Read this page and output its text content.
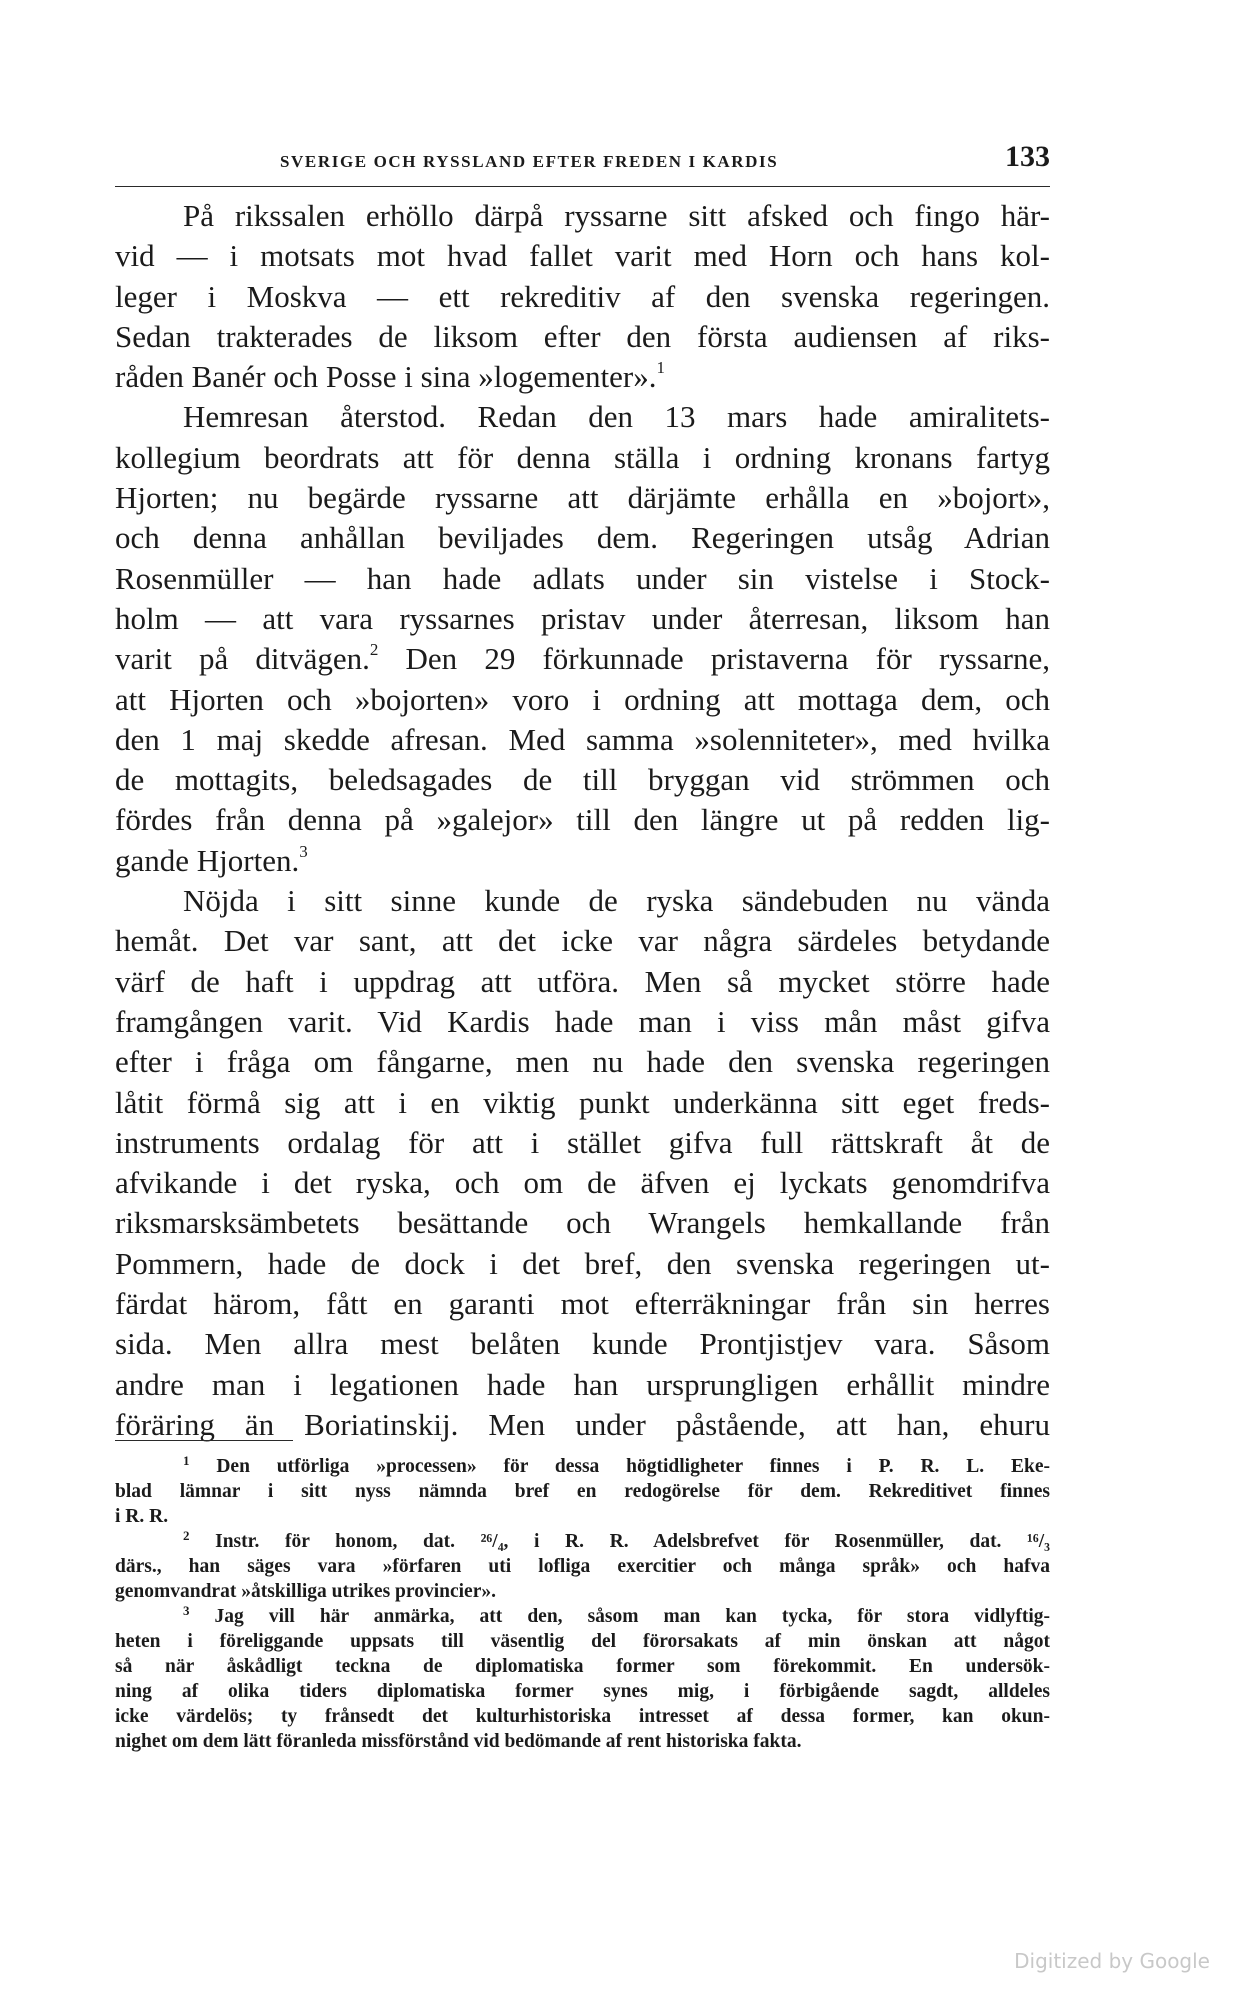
SVERIGE OCH RYSSLAND EFTER FREDEN I KARDIS	133
På rikssalen erhöllo därpå ryssarne sitt afsked och fingo här-
vid — i motsats mot hvad fallet varit med Horn och hans kol-
leger i Moskva — ett rekreditiv af den svenska regeringen.
Sedan trakterades de liksom efter den första audiensen af riks-
råden Banér och Posse i sina »logementer».$^1$
Hemresan återstod. Redan den 13 mars hade amiralitets-
kollegium beordrats att för denna ställa i ordning kronans fartyg
Hjorten; nu begärde ryssarne att därjämte erhålla en »bojort»,
och denna anhållan beviljades dem. Regeringen utsåg Adrian
Rosenmüller — han hade adlats under sin vistelse i Stock-
holm — att vara ryssarnes pristav under återresan, liksom han
varit på ditvägen.$^2$ Den 29 förkunnade pristaverna för ryssarne,
att Hjorten och »bojorten» voro i ordning att mottaga dem, och
den 1 maj skedde afresan. Med samma »solenniteter», med hvilka
de mottagits, beledsagades de till bryggan vid strömmen och
fördes från denna på »galejor» till den längre ut på redden lig-
gande Hjorten.$^3$
Nöjda i sitt sinne kunde de ryska sändebuden nu vända
hemåt. Det var sant, att det icke var några särdeles betydande
värf de haft i uppdrag att utföra. Men så mycket större hade
framgången varit. Vid Kardis hade man i viss mån måst gifva
efter i fråga om fångarne, men nu hade den svenska regeringen
låtit förmå sig att i en viktig punkt underkänna sitt eget freds-
instruments ordalag för att i stället gifva full rättskraft åt de
afvikande i det ryska, och om de äfven ej lyckats genomdrifva
riksmarsksämbetets besättande och Wrangels hemkallande från
Pommern, hade de dock i det bref, den svenska regeringen ut-
färdat härom, fått en garanti mot efterräkningar från sin herres
sida. Men allra mest belåten kunde Prontjistjev vara. Såsom
andre man i legationen hade han ursprungligen erhållit mindre
föräring än Boriatinskij. Men under påstående, att han, ehuru
$^1$ Den utförliga »processen» för dessa högtidligheter finnes i P. R. L. Eke-
blad lämnar i sitt nyss nämnda bref en redogörelse för dem. Rekreditivet finnes
i R. R.
$^2$ Instr. för honom, dat. ²⁶/₄, i R. R. Adelsbrefvet för Rosenmüller, dat. ¹⁶/₃
därs., han säges vara »förfaren uti lofliga exercitier och många språk» och hafva
genomvandrat »åtskilliga utrikes provincier».
$^3$ Jag vill här anmärka, att den, såsom man kan tycka, för stora vidlyftig-
heten i föreliggande uppsats till väsentlig del förorsakats af min önskan att något
så när åskådligt teckna de diplomatiska former som förekommit. En undersök-
ning af olika tiders diplomatiska former synes mig, i förbigående sagdt, alldeles
icke värdelös; ty frånsedt det kulturhistoriska intresset af dessa former, kan okun-
nighet om dem lätt föranleda missförstånd vid bedömande af rent historiska fakta.
Digitized by Google
